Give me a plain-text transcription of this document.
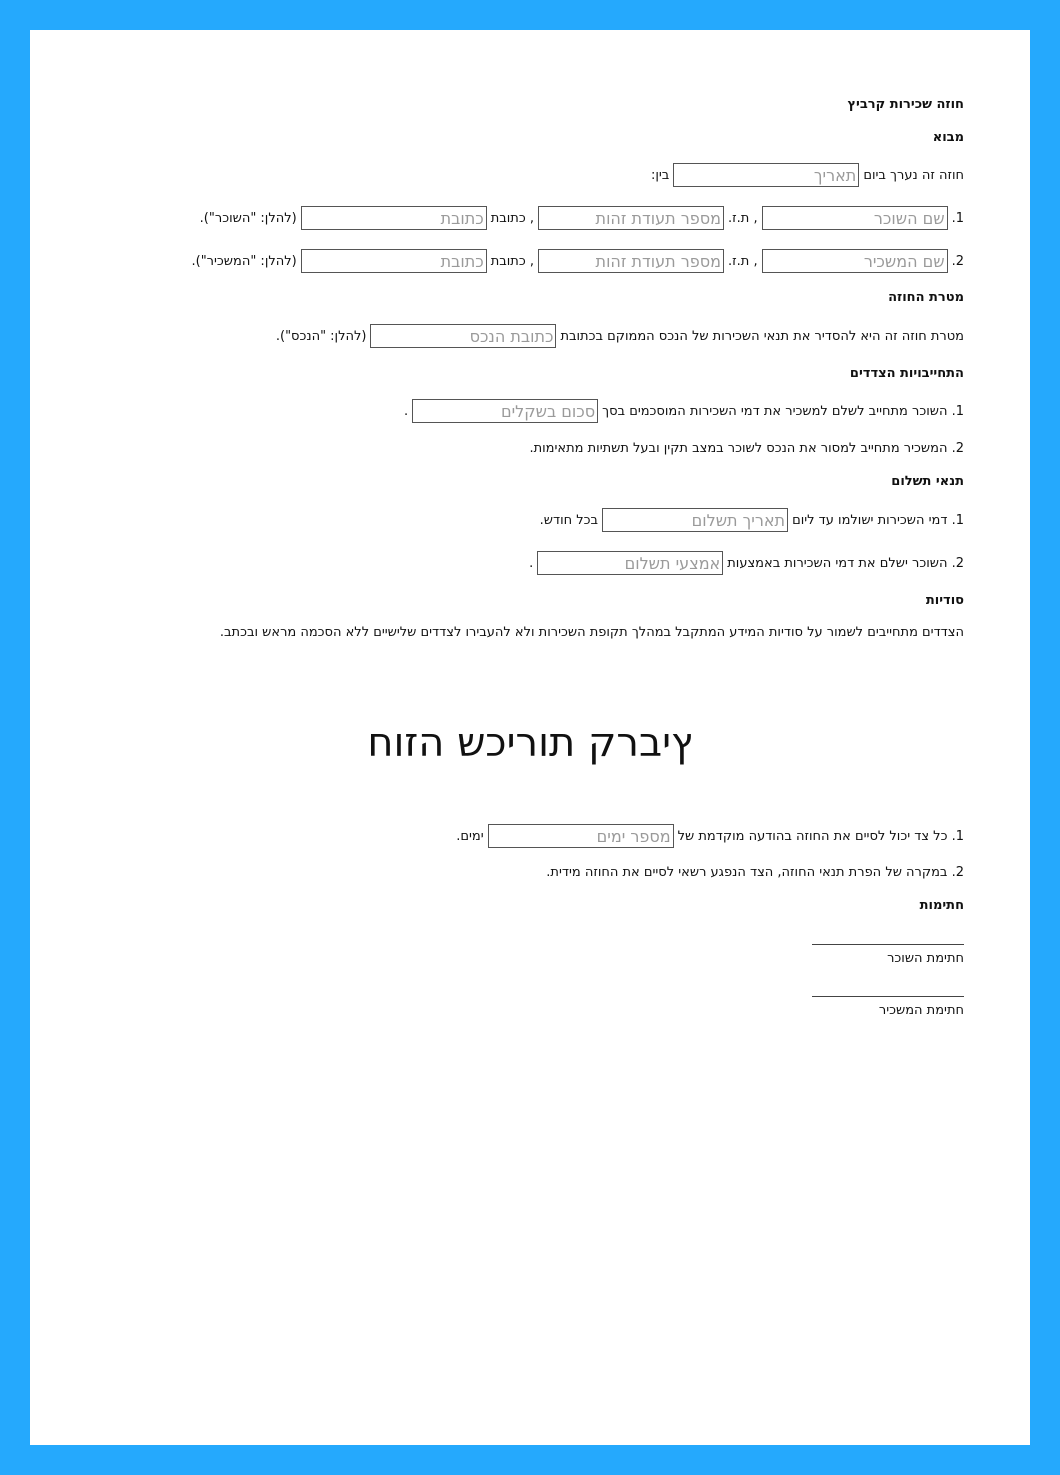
חוזה שכירות קרביץ
מבוא
חוזה זה נערך ביום
תאריך
בין:
1.
שם השוכר
, ת.ז.
מספר תעודת זהות
, כתובת
כתובת
(להלן: "השוכר").
2.
שם המשכיר
, ת.ז.
מספר תעודת זהות
, כתובת
כתובת
(להלן: "המשכיר").
מטרת החוזה
מטרת חוזה זה היא להסדיר את תנאי השכירות של הנכס הממוקם בכתובת
כתובת הנכס
(להלן: "הנכס").
התחייבויות הצדדים
1. השוכר מתחייב לשלם למשכיר את דמי השכירות המוסכמים בסך
סכום בשקלים
.
2. המשכיר מתחייב למסור את הנכס לשוכר במצב תקין ובעל תשתיות מתאימות.
תנאי תשלום
1. דמי השכירות ישולמו עד ליום
תאריך תשלום
בכל חודש.
2. השוכר ישלם את דמי השכירות באמצעות
אמצעי תשלום
.
סודיות
הצדדים מתחייבים לשמור על סודיות המידע המתקבל במהלך תקופת השכירות ולא להעבירו לצדדים שלישיים ללא הסכמה מראש ובכתב.
חוזה שכירות קרביץ
1. כל צד יכול לסיים את החוזה בהודעה מוקדמת של
מספר ימים
ימים.
2. במקרה של הפרת תנאי החוזה, הצד הנפגע רשאי לסיים את החוזה מידית.
חתימות
חתימת השוכר
חתימת המשכיר
